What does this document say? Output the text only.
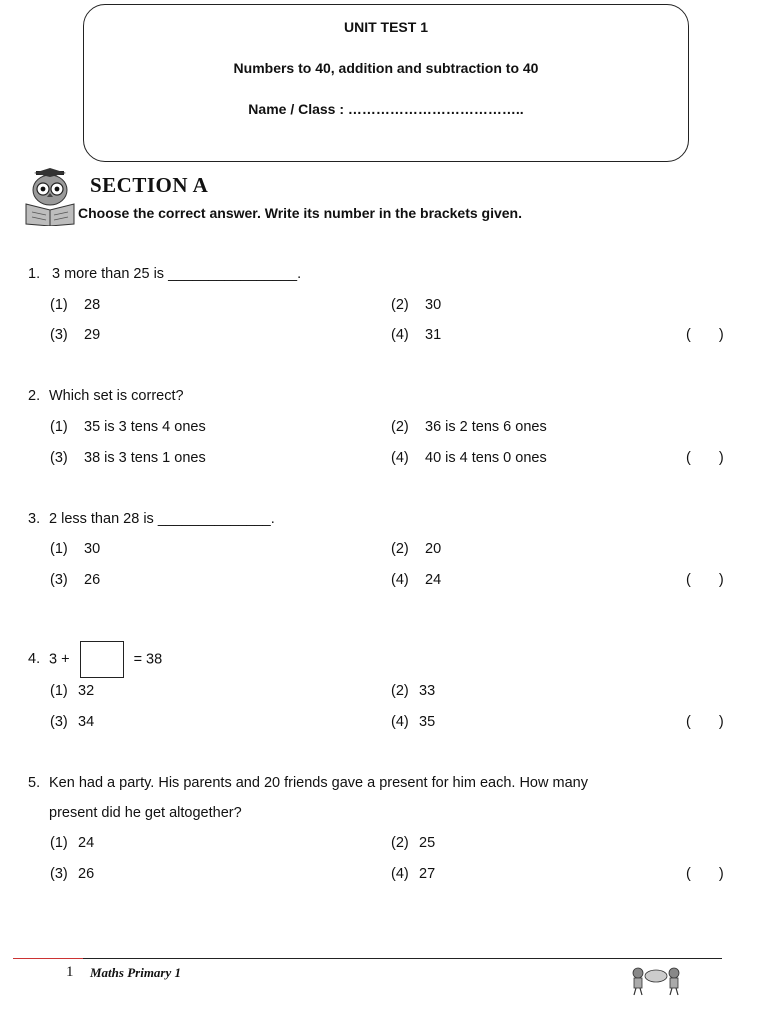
UNIT TEST 1
Numbers to 40, addition and subtraction to 40
Name / Class : ………………………………..
SECTION A
Choose the correct answer. Write its number in the brackets given.
1. 3 more than 25 is ________________.
(1) 28	(2) 30
(3) 29	(4) 31	( )
2. Which set is correct?
(1) 35 is 3 tens 4 ones	(2) 36 is 2 tens 6 ones
(3) 38 is 3 tens 1 ones	(4) 40 is 4 tens 0 ones	( )
3. 2 less than 28 is ______________.
(1) 30	(2) 20
(3) 26	(4) 24	( )
4. 3 +	= 38
(1) 32	(2) 33
(3) 34	(4) 35	( )
5. Ken had a party. His parents and 20 friends gave a present for him each. How many
present did he get altogether?
(1) 24	(2) 25
(3) 26	(4) 27	( )
1 Maths Primary 1
